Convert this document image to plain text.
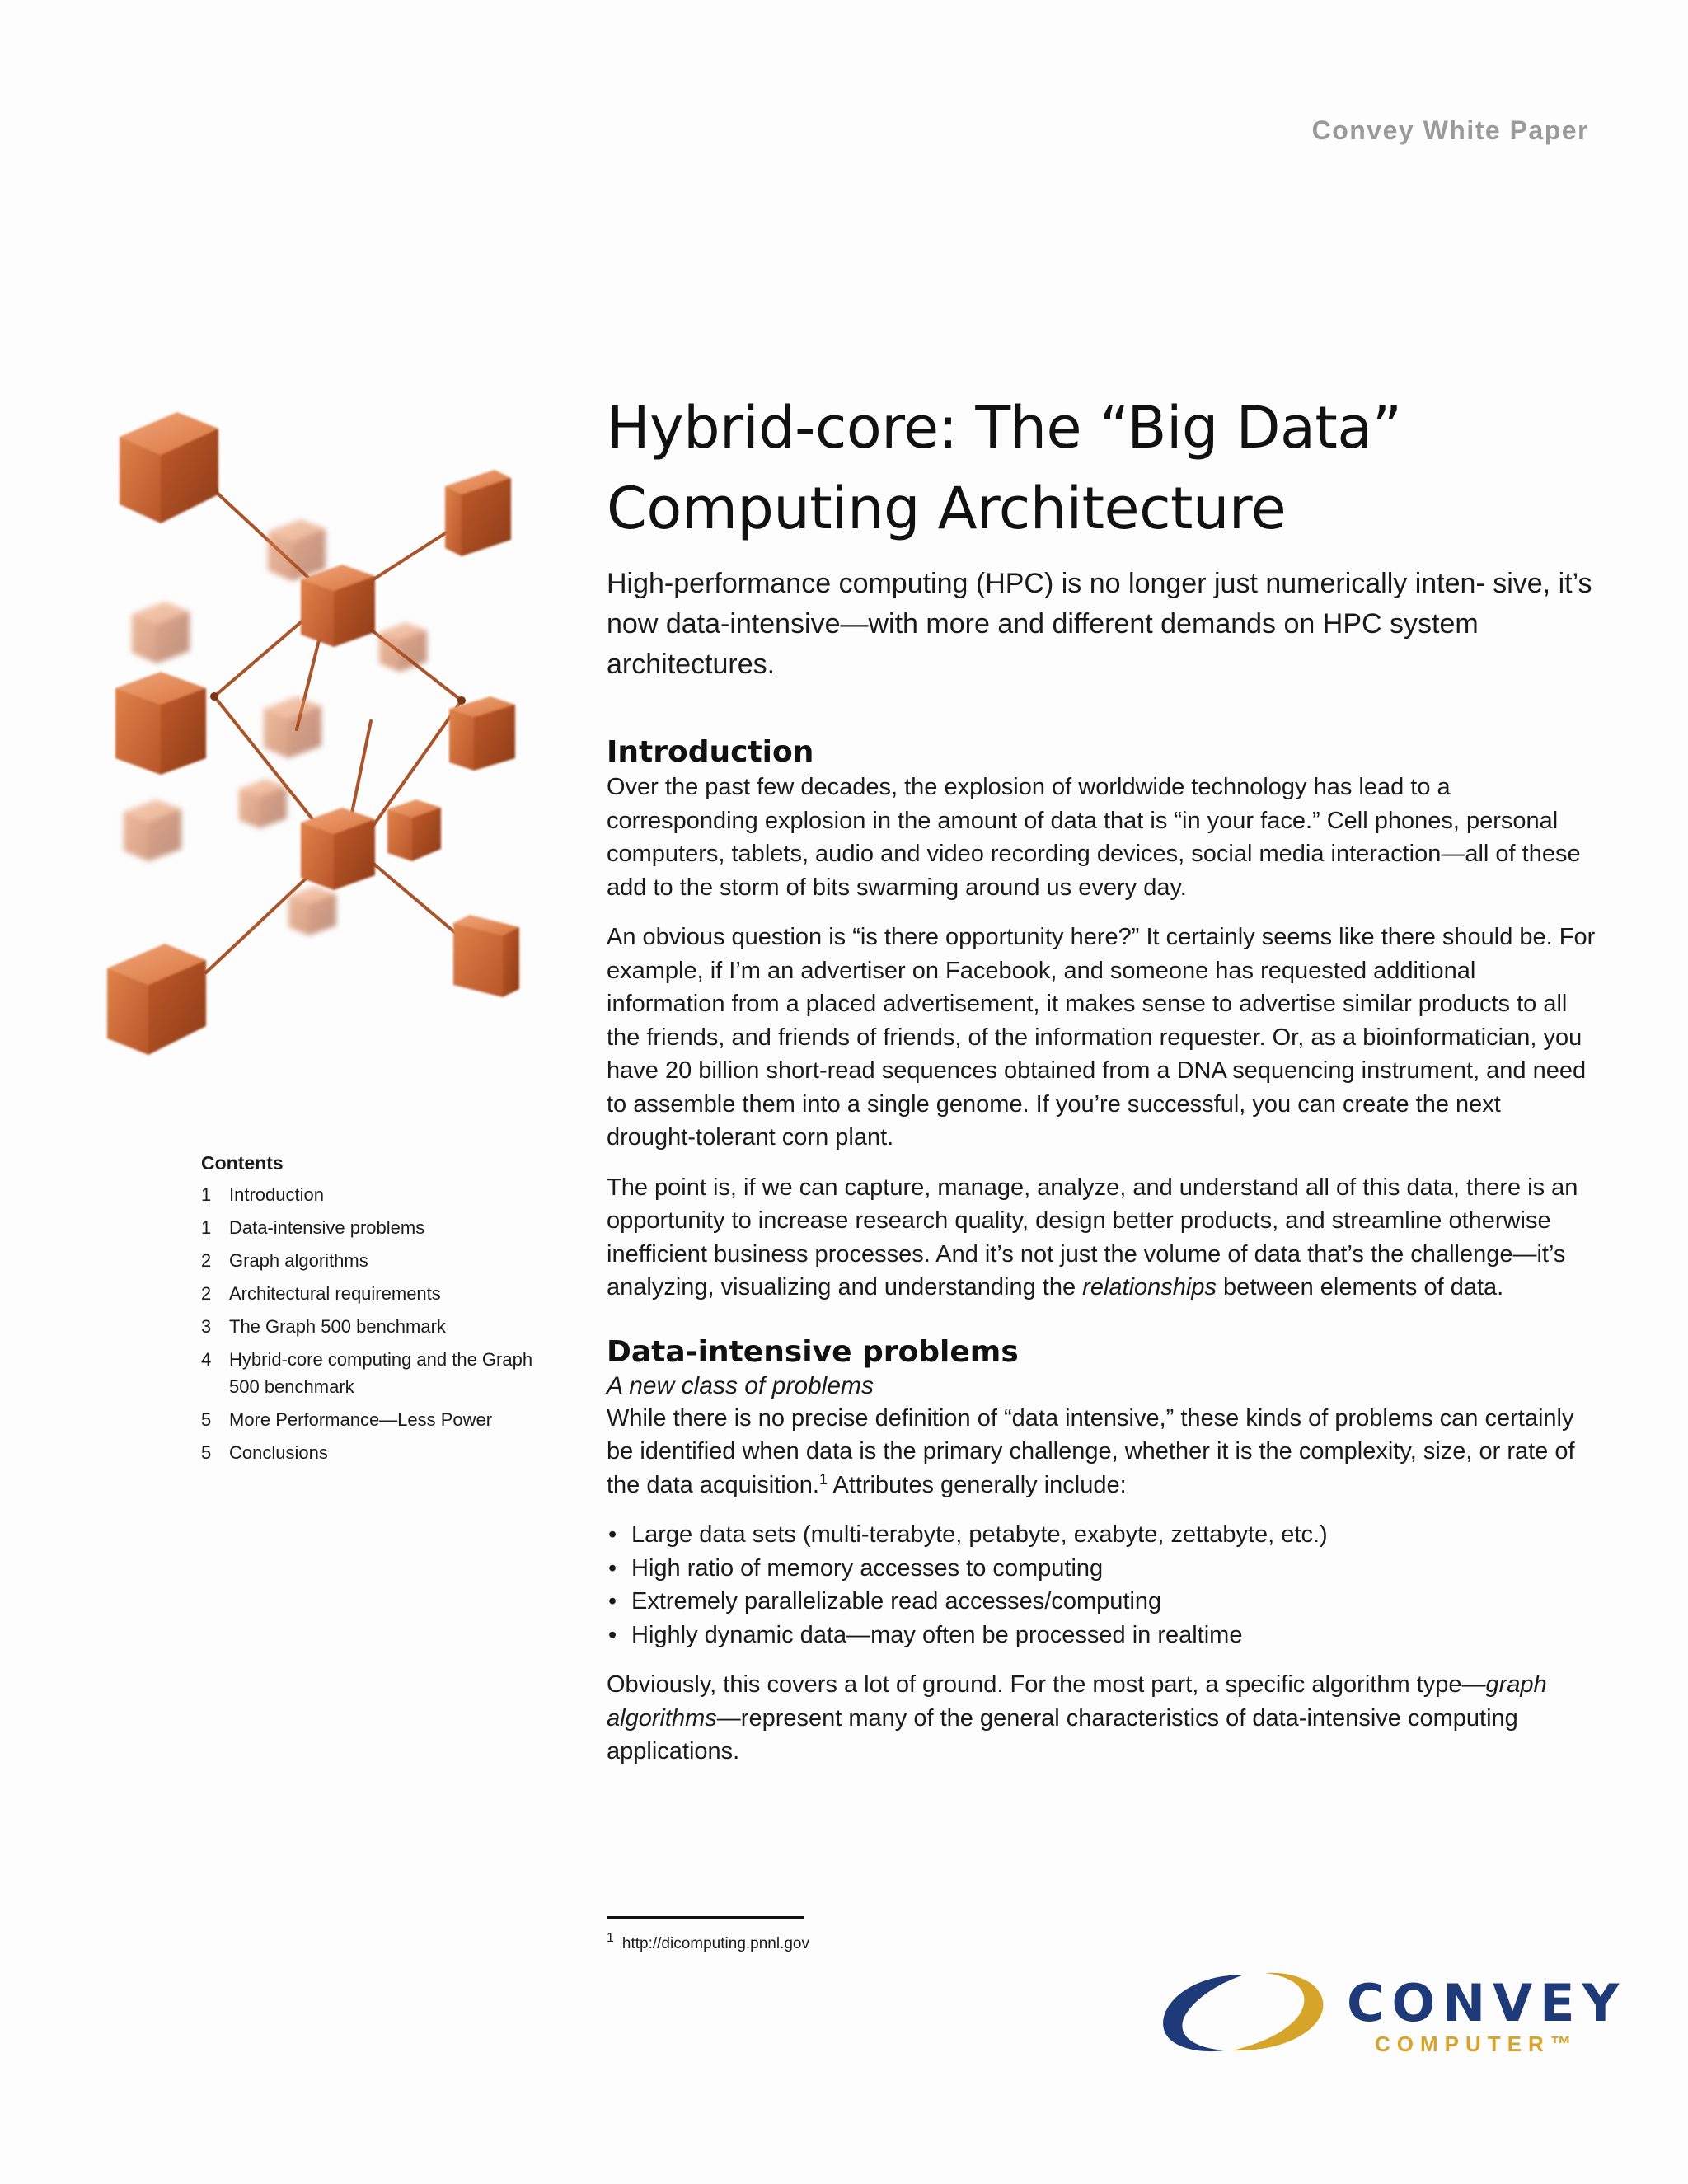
Convey White Paper
Hybrid-core: The “Big Data”
Computing Architecture

High-performance computing (HPC) is no longer just numerically inten- sive, it’s now data-intensive—with more and different demands on HPC system architectures.

Introduction

Over the past few decades, the explosion of worldwide technology has lead to a corresponding explosion in the amount of data that is “in your face.” Cell phones, personal computers, tablets, audio and video recording devices, social media interaction—all of these add to the storm of bits swarming around us every day.

An obvious question is “is there opportunity here?” It certainly seems like there should be. For example, if I’m an advertiser on Facebook, and someone has requested additional information from a placed advertisement, it makes sense to advertise similar products to all the friends, and friends of friends, of the information requester. Or, as a bioinformatician, you have 20 billion short-read sequences obtained from a DNA sequencing instrument, and need to assemble them into a single genome. If you’re successful, you can create the next drought-tolerant corn plant.

The point is, if we can capture, manage, analyze, and understand all of this data, there is an opportunity to increase research quality, design better products, and streamline otherwise inefficient business processes. And it’s not just the volume of data that’s the challenge—it’s analyzing, visualizing and understanding the relationships between elements of data.

Data-intensive problems

A new class of problems

While there is no precise definition of “data intensive,” these kinds of problems can certainly be identified when data is the primary challenge, whether it is the complexity, size, or rate of the data acquisition.$^1$ Attributes generally include:

• Large data sets (multi-terabyte, petabyte, exabyte, zettabyte, etc.)
• High ratio of memory accesses to computing
• Extremely parallelizable read accesses/computing
• Highly dynamic data—may often be processed in realtime

Obviously, this covers a lot of ground. For the most part, a specific algorithm type—graph algorithms—represent many of the general characteristics of data-intensive computing applications.

Contents
1 Introduction
1 Data-intensive problems
2 Graph algorithms
2 Architectural requirements
3 The Graph 500 benchmark
4 Hybrid-core computing and the Graph 500 benchmark
5 More Performance—Less Power
5 Conclusions
$^1$ http://dicomputing.pnnl.gov
CONVEY
COMPUTER™
